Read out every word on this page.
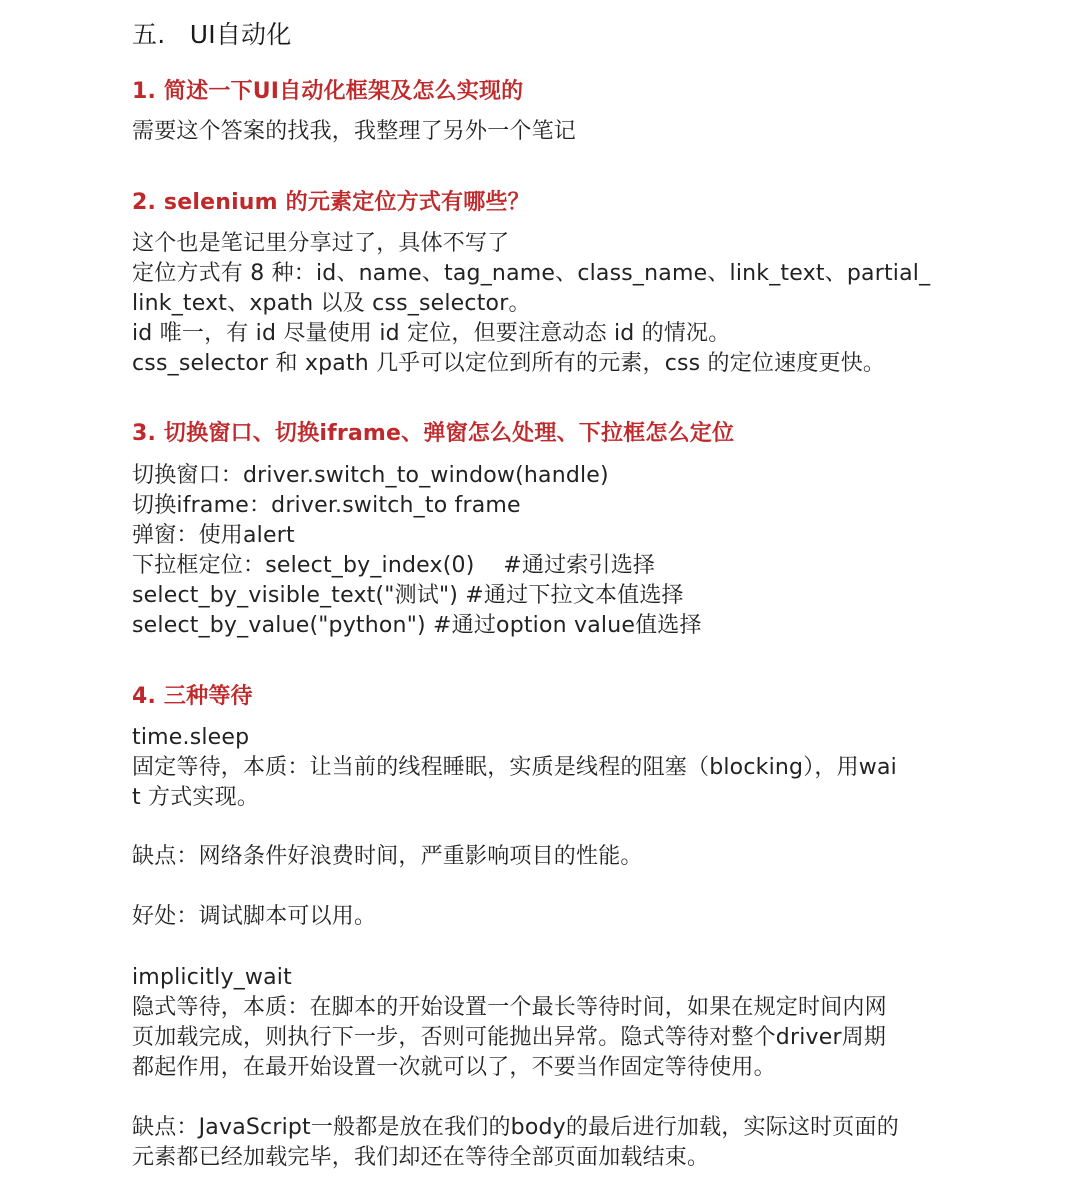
五.   UI自动化
1. 简述一下UI自动化框架及怎么实现的
需要这个答案的找我，我整理了另外一个笔记
2. selenium 的元素定位方式有哪些？
这个也是笔记里分享过了，具体不写了
定位方式有 8 种：id、name、tag_name、class_name、link_text、partial_
link_text、xpath 以及 css_selector。
id 唯一，有 id 尽量使用 id 定位，但要注意动态 id 的情况。
css_selector 和 xpath 几乎可以定位到所有的元素，css 的定位速度更快。
3. 切换窗口、切换iframe、弹窗怎么处理、下拉框怎么定位
切换窗口：driver.switch_to_window(handle)
切换iframe：driver.switch_to frame
弹窗：使用alert
下拉框定位：select_by_index(0)    #通过索引选择
select_by_visible_text("测试") #通过下拉文本值选择
select_by_value("python") #通过option value值选择
4. 三种等待
time.sleep
固定等待，本质：让当前的线程睡眠，实质是线程的阻塞（blocking），用wai
t 方式实现。
缺点：网络条件好浪费时间，严重影响项目的性能。
好处：调试脚本可以用。
implicitly_wait
隐式等待，本质：在脚本的开始设置一个最长等待时间，如果在规定时间内网
页加载完成，则执行下一步，否则可能抛出异常。隐式等待对整个driver周期
都起作用，在最开始设置一次就可以了，不要当作固定等待使用。
缺点：JavaScript一般都是放在我们的body的最后进行加载，实际这时页面的
元素都已经加载完毕，我们却还在等待全部页面加载结束。
